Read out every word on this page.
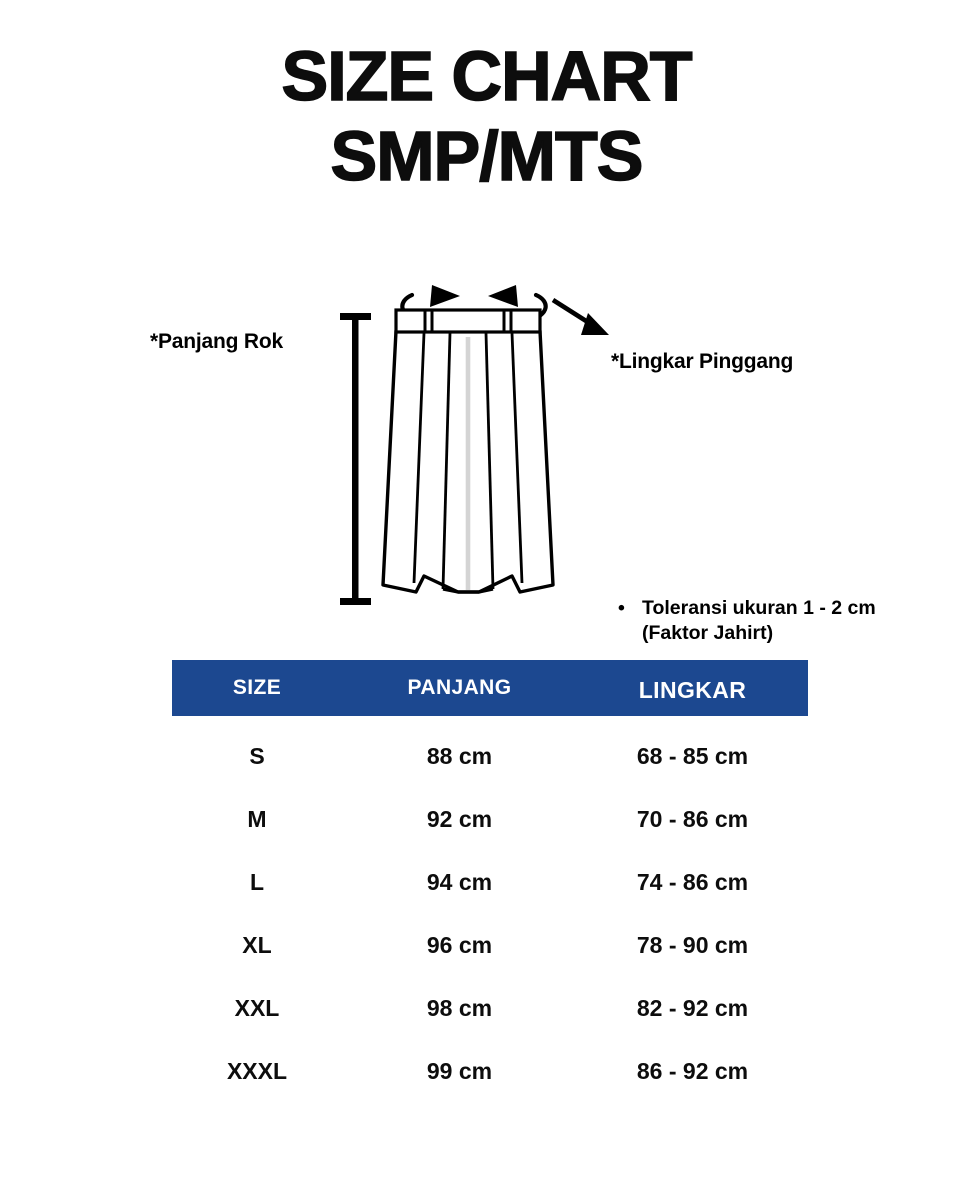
SIZE CHART
SMP/MTS
*Panjang Rok
*Lingkar Pinggang
• Toleransi ukuran 1 - 2 cm
(Faktor Jahirt)
SIZE	PANJANG	LINGKAR
S	88 cm	68 - 85 cm
M	92 cm	70 - 86 cm
L	94 cm	74 - 86 cm
XL	96 cm	78 - 90 cm
XXL	98 cm	82 - 92 cm
XXXL	99 cm	86 - 92 cm
